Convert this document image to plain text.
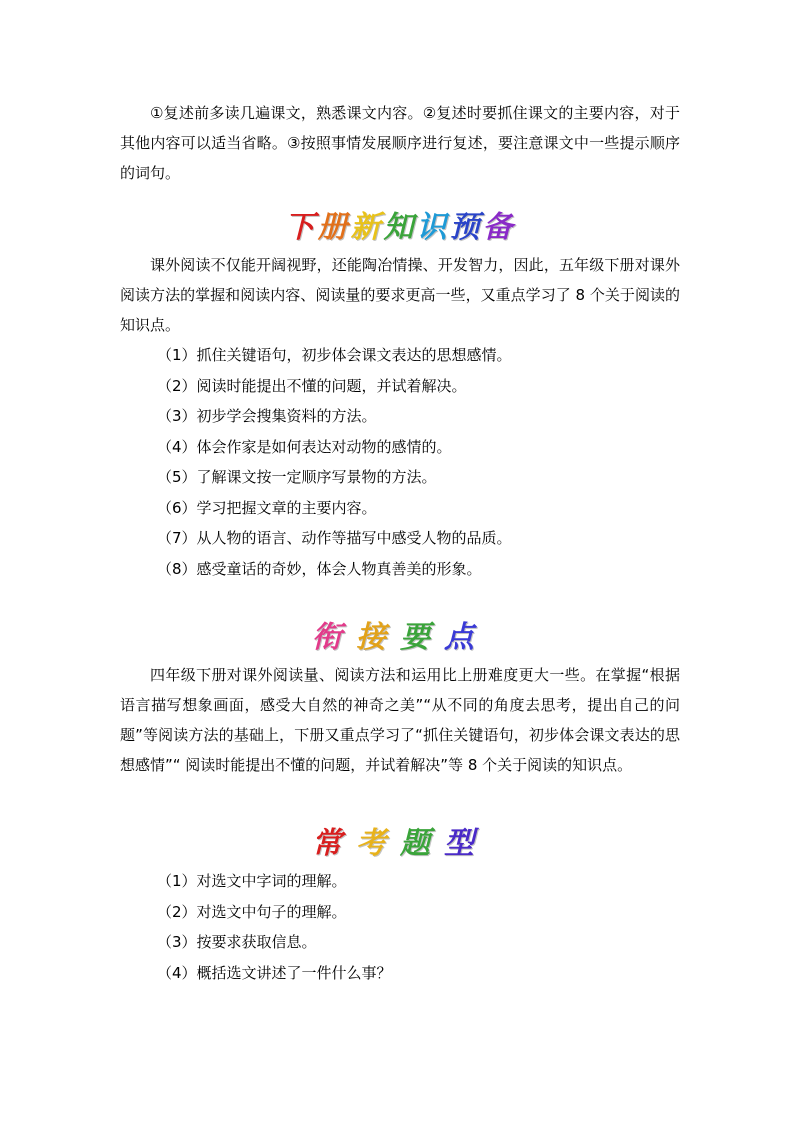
①复述前多读几遍课文，熟悉课文内容。②复述时要抓住课文的主要内容，对于其他内容可以适当省略。③按照事情发展顺序进行复述，要注意课文中一些提示顺序的词句。

下册新知识预备

课外阅读不仅能开阔视野，还能陶冶情操、开发智力，因此，五年级下册对课外阅读方法的掌握和阅读内容、阅读量的要求更高一些，又重点学习了 8 个关于阅读的知识点。

（1）抓住关键语句，初步体会课文表达的思想感情。

（2）阅读时能提出不懂的问题，并试着解决。

（3）初步学会搜集资料的方法。

（4）体会作家是如何表达对动物的感情的。

（5）了解课文按一定顺序写景物的方法。

（6）学习把握文章的主要内容。

（7）从人物的语言、动作等描写中感受人物的品质。

（8）感受童话的奇妙，体会人物真善美的形象。

衔接要点

四年级下册对课外阅读量、阅读方法和运用比上册难度更大一些。在掌握“根据语言描写想象画面，感受大自然的神奇之美”“从不同的角度去思考，提出自己的问题”等阅读方法的基础上，下册又重点学习了“抓住关键语句，初步体会课文表达的思想感情”“ 阅读时能提出不懂的问题，并试着解决”等 8 个关于阅读的知识点。

常考题型

（1）对选文中字词的理解。

（2）对选文中句子的理解。

（3）按要求获取信息。

（4）概括选文讲述了一件什么事？
